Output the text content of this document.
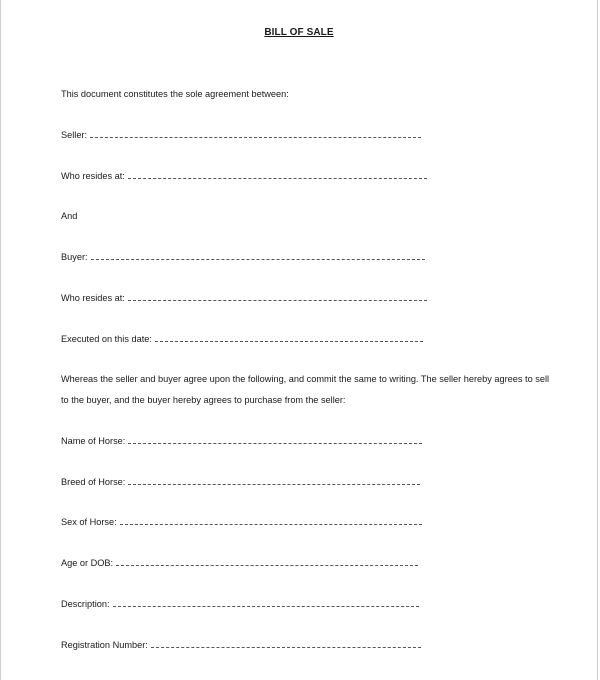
BILL OF SALE
This document constitutes the sole agreement between:
Seller:
Who resides at:
And
Buyer:
Who resides at:
Executed on this date:
Whereas the seller and buyer agree upon the following, and commit the same to writing. The seller hereby agrees to sell
to the buyer, and the buyer hereby agrees to purchase from the seller:
Name of Horse:
Breed of Horse:
Sex of Horse:
Age or DOB:
Description:
Registration Number:
